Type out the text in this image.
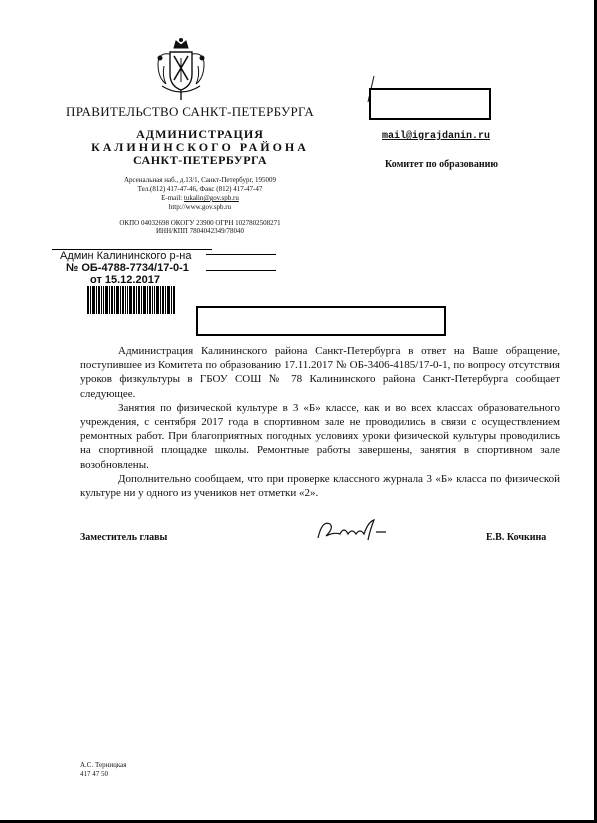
ПРАВИТЕЛЬСТВО САНКТ-ПЕТЕРБУРГА
АДМИНИСТРАЦИЯ
КАЛИНИНСКОГО РАЙОНА
САНКТ-ПЕТЕРБУРГА
Арсенальная наб., д.13/1, Санкт-Петербург, 195009
Тел.(812) 417-47-46, Факс (812) 417-47-47
E-mail: tukalin@gov.spb.ru
http://www.gov.spb.ru
ОКПО 04032698 ОКОГУ 23900 ОГРН 1027802508271
ИНН/КПП 7804042349/78040
Админ Калининского р-на
№ ОБ-4788-7734/17-0-1
от 15.12.2017
mail@igrajdanin.ru
Комитет по образованию

Администрация Калининского района Санкт-Петербурга в ответ на Ваше обращение, поступившее из Комитета по образованию 17.11.2017 № ОБ-3406-4185/17-0-1, по вопросу отсутствия уроков физкультуры в ГБОУ СОШ № 78 Калининского района Санкт-Петербурга сообщает следующее.

Занятия по физической культуре в 3 «Б» классе, как и во всех классах образовательного учреждения, с сентября 2017 года в спортивном зале не проводились в связи с осуществлением ремонтных работ. При благоприятных погодных условиях уроки физической культуры проводились на спортивной площадке школы. Ремонтные работы завершены, занятия в спортивном зале возобновлены.

Дополнительно сообщаем, что при проверке классного журнала 3 «Б» класса по физической культуре ни у одного из учеников нет отметки «2».

Заместитель главы	Е.В. Кочкина
А.С. Терницкая
417 47 50
